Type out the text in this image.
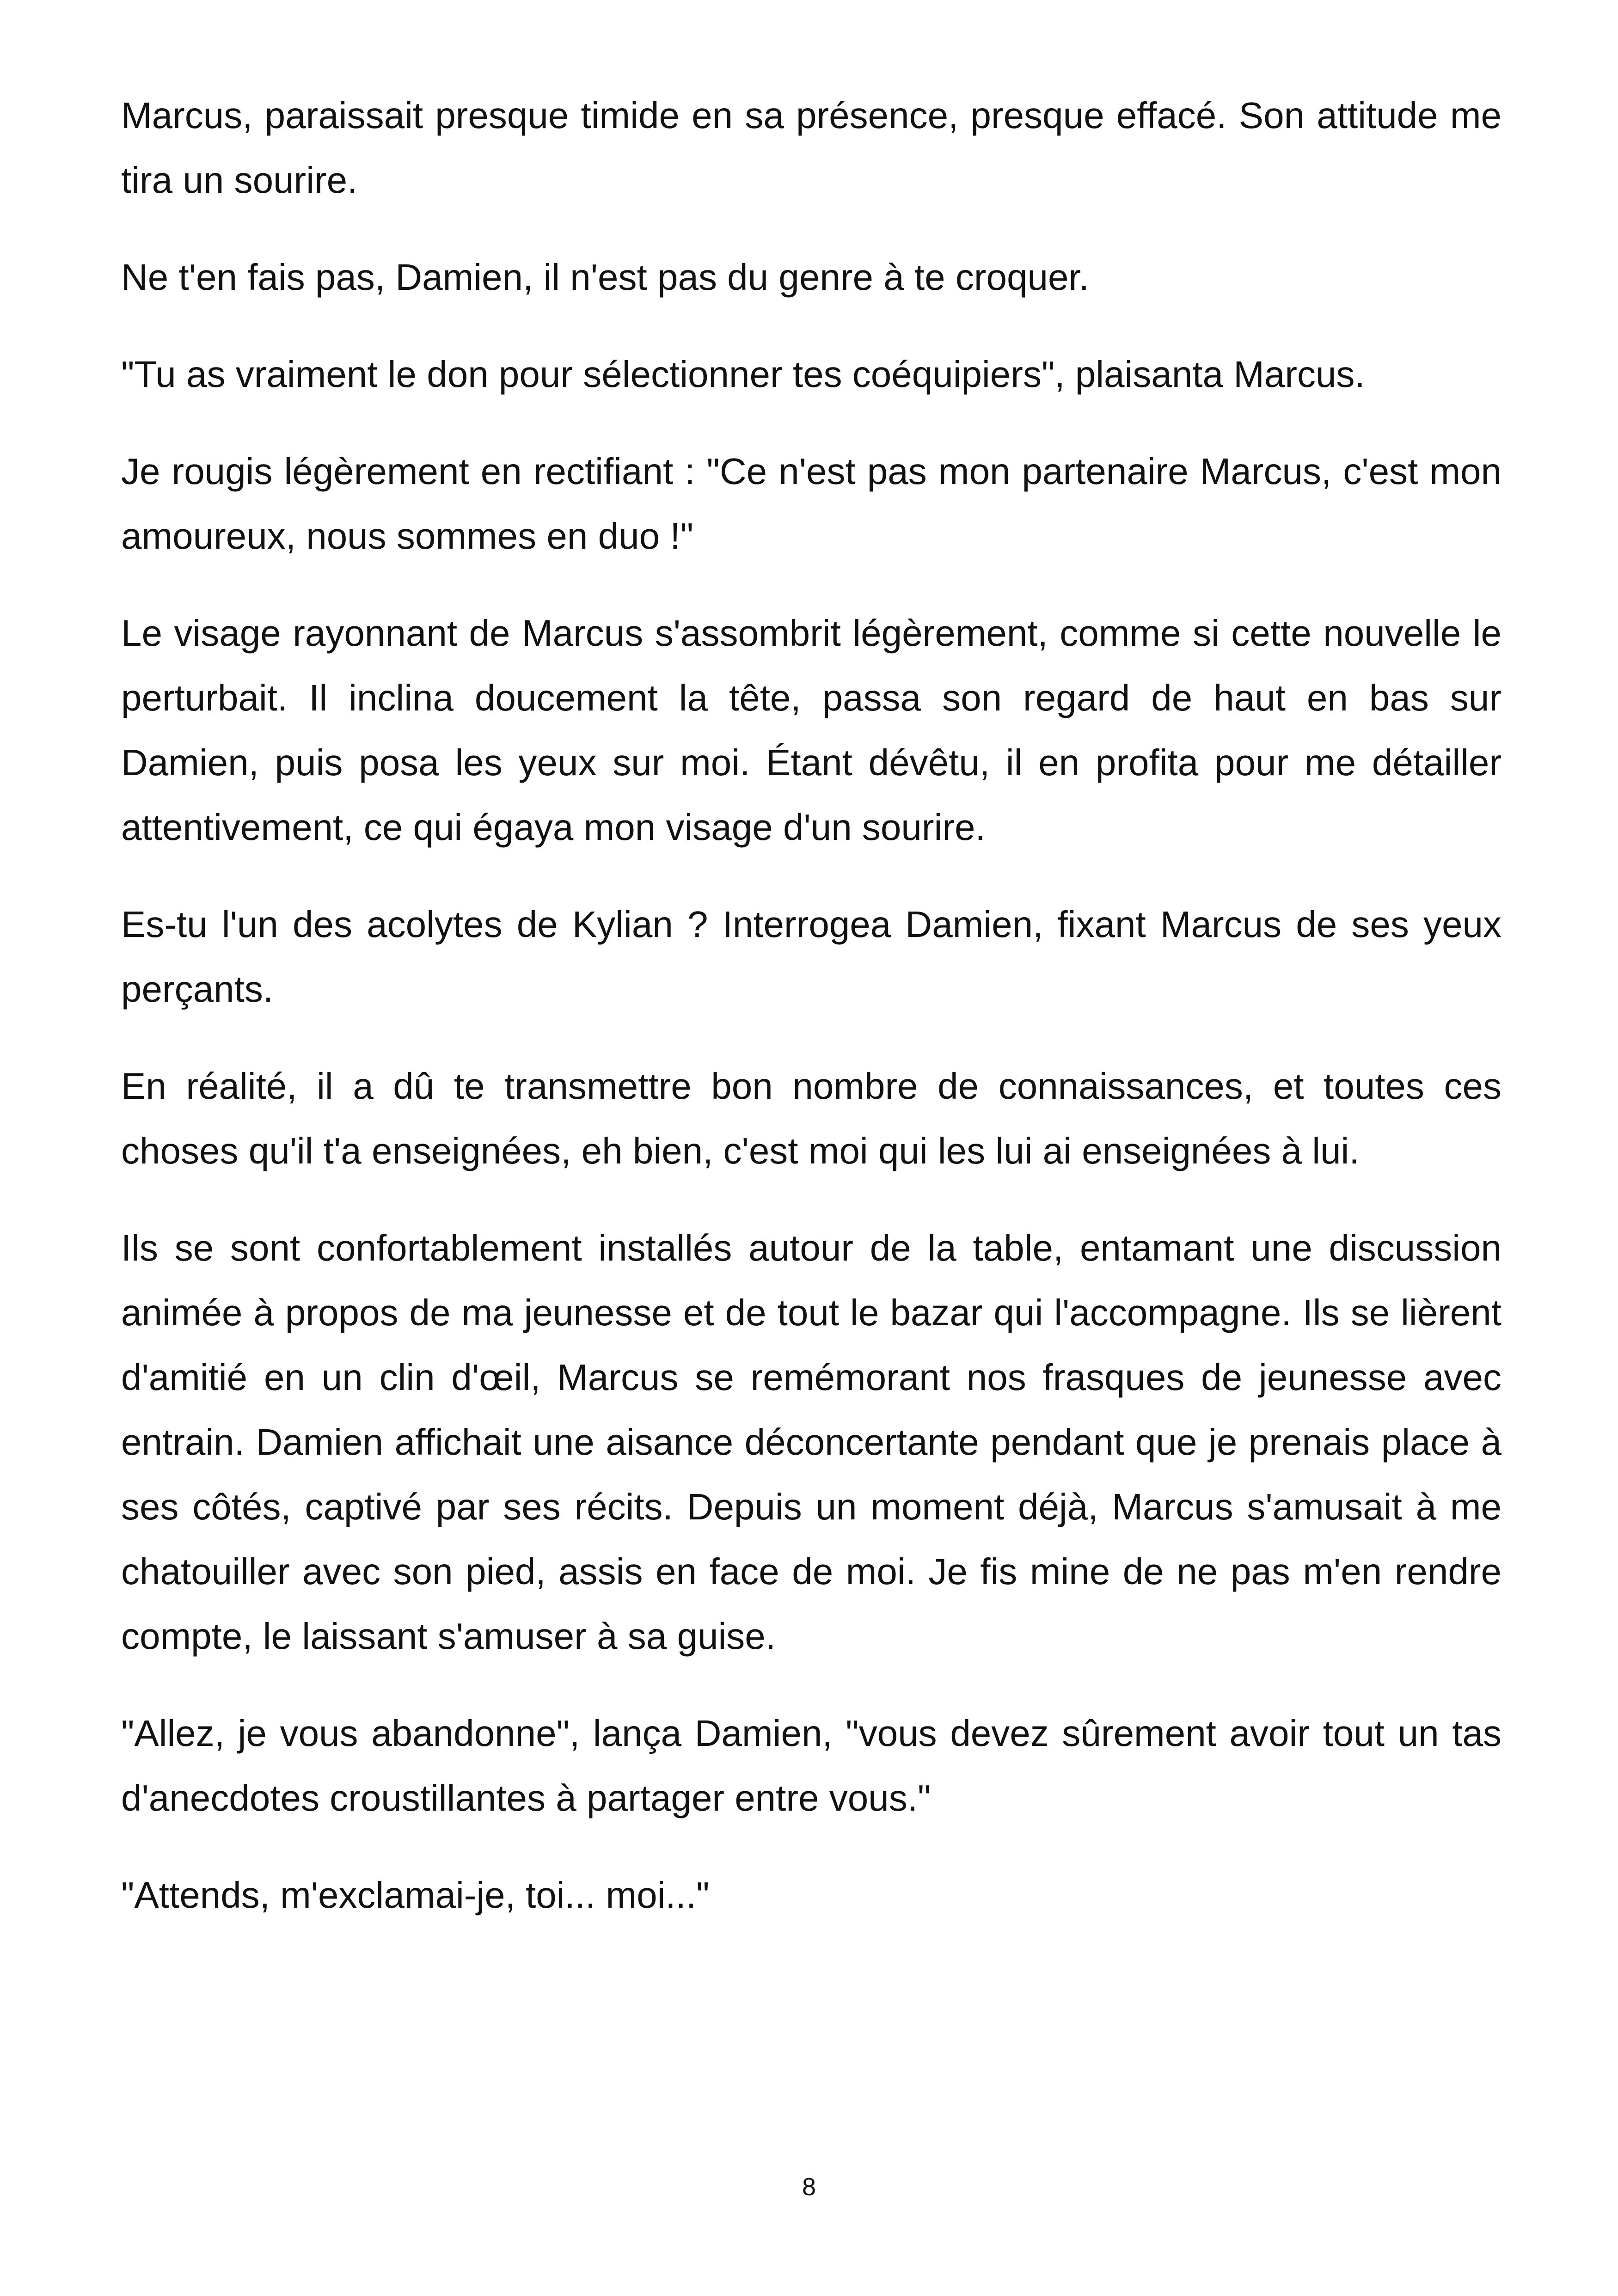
Marcus, paraissait presque timide en sa présence, presque effacé. Son attitude me tira un sourire.

Ne t'en fais pas, Damien, il n'est pas du genre à te croquer.

"Tu as vraiment le don pour sélectionner tes coéquipiers", plaisanta Marcus.

Je rougis légèrement en rectifiant : "Ce n'est pas mon partenaire Marcus, c'est mon amoureux, nous sommes en duo !"

Le visage rayonnant de Marcus s'assombrit légèrement, comme si cette nouvelle le perturbait. Il inclina doucement la tête, passa son regard de haut en bas sur Damien, puis posa les yeux sur moi. Étant dévêtu, il en profita pour me détailler attentivement, ce qui égaya mon visage d'un sourire.

Es-tu l'un des acolytes de Kylian ? Interrogea Damien, fixant Marcus de ses yeux perçants.

En réalité, il a dû te transmettre bon nombre de connaissances, et toutes ces choses qu'il t'a enseignées, eh bien, c'est moi qui les lui ai enseignées à lui.

Ils se sont confortablement installés autour de la table, entamant une discussion animée à propos de ma jeunesse et de tout le bazar qui l'accompagne. Ils se lièrent d'amitié en un clin d'œil, Marcus se remémorant nos frasques de jeunesse avec entrain. Damien affichait une aisance déconcertante pendant que je prenais place à ses côtés, captivé par ses récits. Depuis un moment déjà, Marcus s'amusait à me chatouiller avec son pied, assis en face de moi. Je fis mine de ne pas m'en rendre compte, le laissant s'amuser à sa guise.

"Allez, je vous abandonne", lança Damien, "vous devez sûrement avoir tout un tas d'anecdotes croustillantes à partager entre vous."

"Attends, m'exclamai-je, toi... moi..."

8
